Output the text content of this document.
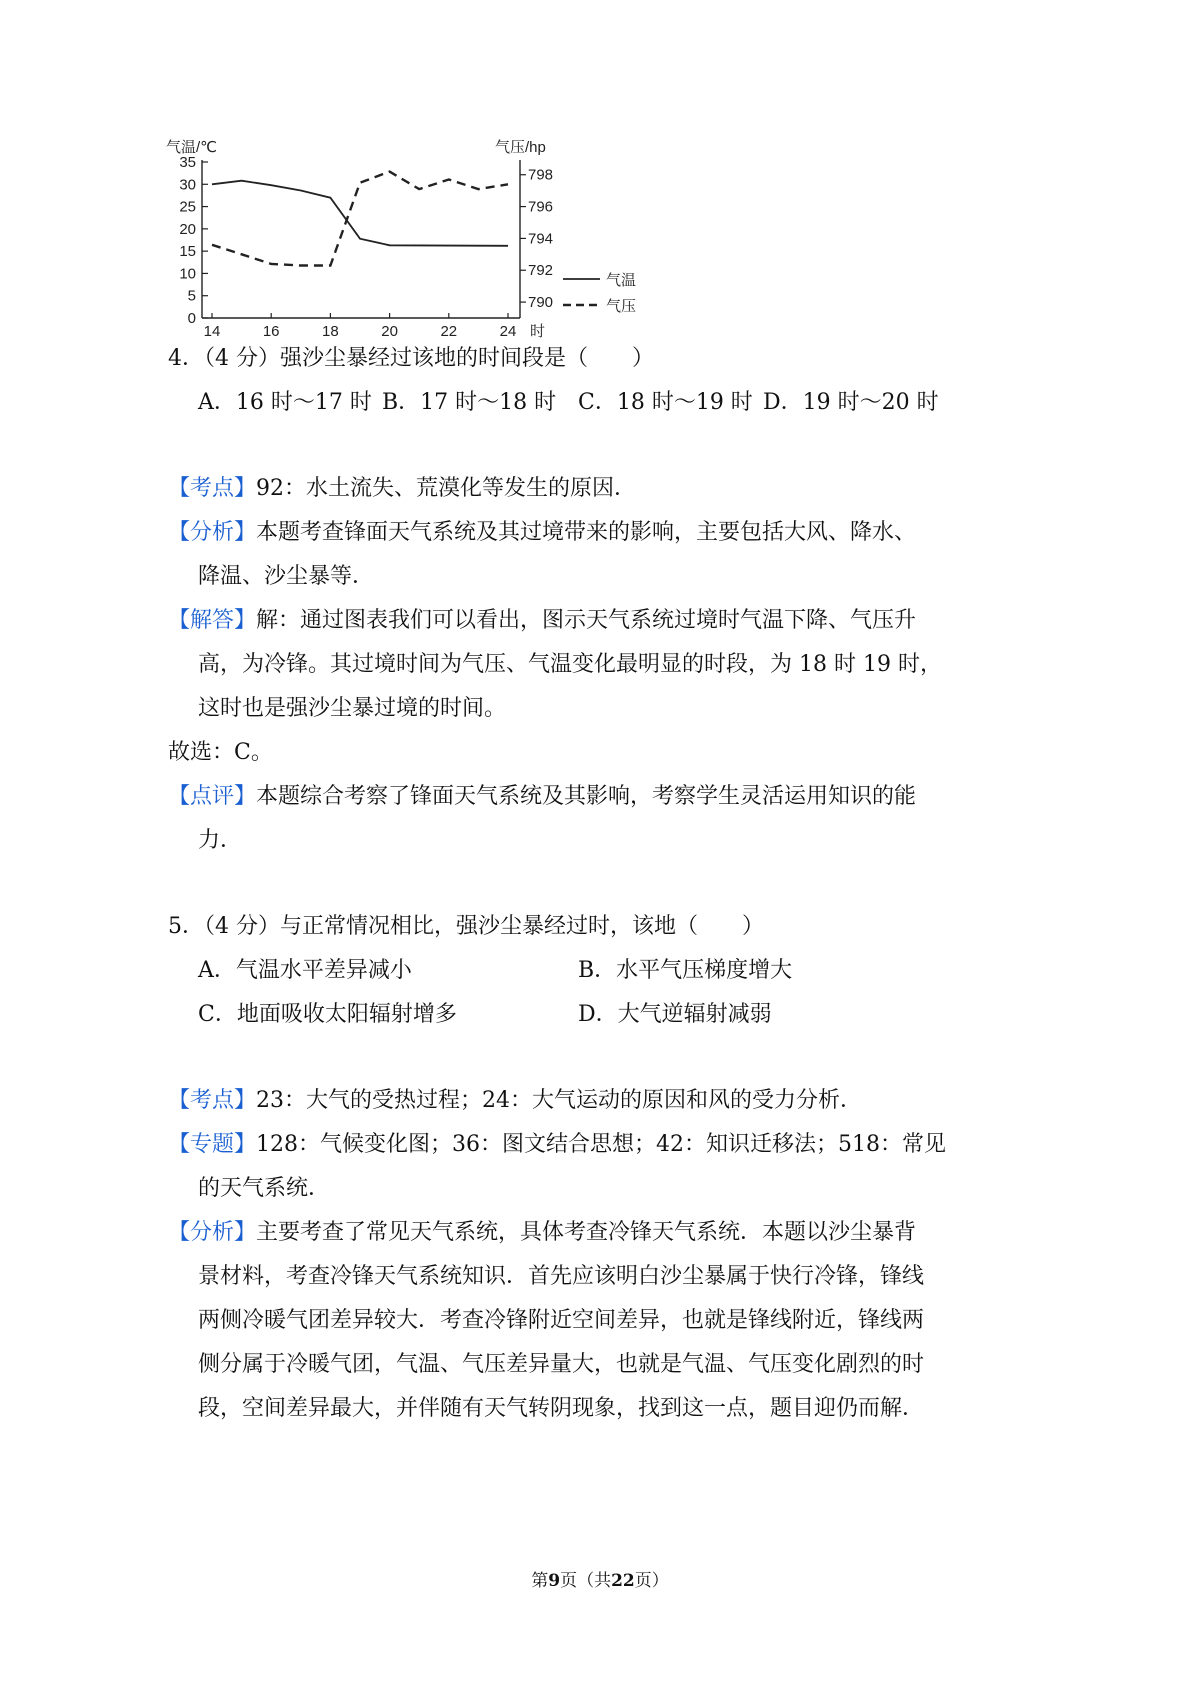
气温/℃	气压/hp
35
30
25
20
15
10
5
0
798
796
794
792
790
14	16	18	20	22	24 时
气温
气压
4．（4 分）强沙尘暴经过该地的时间段是（　　）
A．16 时～17 时 B．17 时～18 时 C．18 时～19 时 D．19 时～20 时
【考点】92：水土流失、荒漠化等发生的原因．
【分析】本题考查锋面天气系统及其过境带来的影响，主要包括大风、降水、
降温、沙尘暴等．
【解答】解：通过图表我们可以看出，图示天气系统过境时气温下降、气压升
高，为冷锋。其过境时间为气压、气温变化最明显的时段，为 18 时 19 时，
这时也是强沙尘暴过境的时间。
故选：C。
【点评】本题综合考察了锋面天气系统及其影响，考察学生灵活运用知识的能
力．
5．（4 分）与正常情况相比，强沙尘暴经过时，该地（　　）
A．气温水平差异减小	B．水平气压梯度增大
C．地面吸收太阳辐射增多	D．大气逆辐射减弱
【考点】23：大气的受热过程；24：大气运动的原因和风的受力分析．
【专题】128：气候变化图；36：图文结合思想；42：知识迁移法；518：常见
的天气系统．
【分析】主要考查了常见天气系统，具体考查冷锋天气系统．本题以沙尘暴背
景材料，考查冷锋天气系统知识．首先应该明白沙尘暴属于快行冷锋，锋线
两侧冷暖气团差异较大．考查冷锋附近空间差异，也就是锋线附近，锋线两
侧分属于冷暖气团，气温、气压差异量大，也就是气温、气压变化剧烈的时
段，空间差异最大，并伴随有天气转阴现象，找到这一点，题目迎仍而解．
第9页（共22页）
